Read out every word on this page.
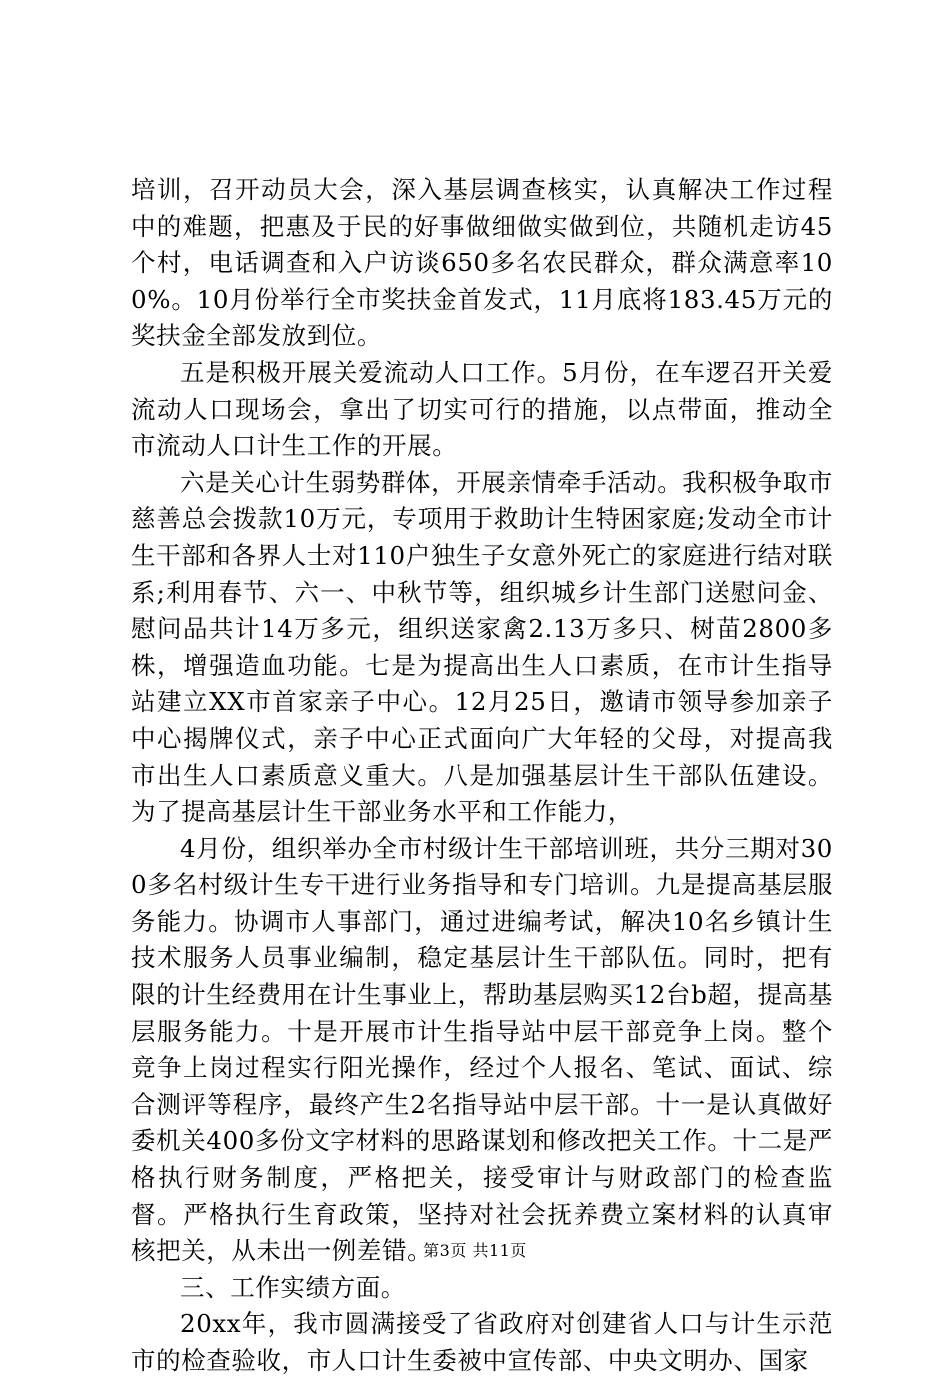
培训，召开动员大会，深入基层调查核实，认真解决工作过程中的难题，把惠及于民的好事做细做实做到位，共随机走访45个村，电话调查和入户访谈650多名农民群众，群众满意率100%。10月份举行全市奖扶金首发式，11月底将183.45万元的奖扶金全部发放到位。

五是积极开展关爱流动人口工作。5月份，在车逻召开关爱流动人口现场会，拿出了切实可行的措施，以点带面，推动全市流动人口计生工作的开展。

六是关心计生弱势群体，开展亲情牵手活动。我积极争取市慈善总会拨款10万元，专项用于救助计生特困家庭;发动全市计生干部和各界人士对110户独生子女意外死亡的家庭进行结对联系;利用春节、六一、中秋节等，组织城乡计生部门送慰问金、慰问品共计14万多元，组织送家禽2.13万多只、树苗2800多株，增强造血功能。七是为提高出生人口素质，在市计生指导站建立XX市首家亲子中心。12月25日，邀请市领导参加亲子中心揭牌仪式，亲子中心正式面向广大年轻的父母，对提高我市出生人口素质意义重大。八是加强基层计生干部队伍建设。为了提高基层计生干部业务水平和工作能力，

4月份，组织举办全市村级计生干部培训班，共分三期对300多名村级计生专干进行业务指导和专门培训。九是提高基层服务能力。协调市人事部门，通过进编考试，解决10名乡镇计生技术服务人员事业编制，稳定基层计生干部队伍。同时，把有限的计生经费用在计生事业上，帮助基层购买12台b超，提高基层服务能力。十是开展市计生指导站中层干部竞争上岗。整个竞争上岗过程实行阳光操作，经过个人报名、笔试、面试、综合测评等程序，最终产生2名指导站中层干部。十一是认真做好委机关400多份文字材料的思路谋划和修改把关工作。十二是严格执行财务制度，严格把关，接受审计与财政部门的检查监督。严格执行生育政策，坚持对社会抚养费立案材料的认真审核把关，从未出一例差错。

三、工作实绩方面。

20xx年，我市圆满接受了省政府对创建省人口与计生示范市的检查验收，市人口计生委被中宣传部、中央文明办、国家

第3页 共11页
